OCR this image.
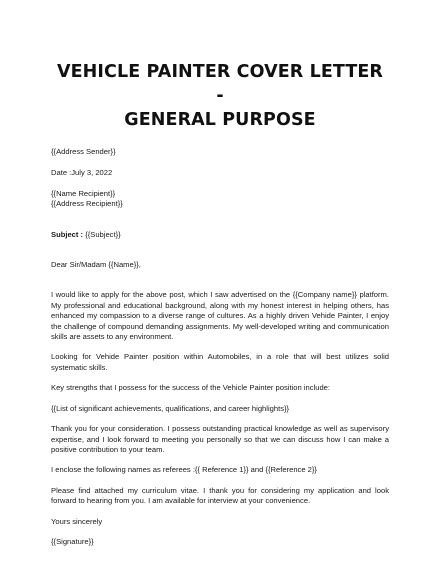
VEHICLE PAINTER COVER LETTER -
GENERAL PURPOSE

{{Address Sender}}

Date :July 3, 2022

{{Name Recipient}}

{{Address Recipient}}

Subject : {{Subject}}

Dear Sir/Madam {{Name}},

I would like to apply for the above post, which I saw advertised on the {{Company name}} platform. My professional and educational background, along with my honest interest in helping others, has enhanced my compassion to a diverse range of cultures. As a highly driven Vehide Painter, I enjoy the challenge of compound demanding assignments. My well-developed writing and communication skills are assets to any environment.

Looking for Vehide Painter position within Automobiles, in a role that will best utilizes solid systematic skills.

Key strengths that I possess for the success of the Vehicle Painter position include:

{{List of significant achievements, qualifications, and career highlights}}

Thank you for your consideration. I possess outstanding practical knowledge as well as supervisory expertise, and I look forward to meeting you personally so that we can discuss how I can make a positive contribution to your team.

I enclose the following names as referees :{{ Reference 1}} and {{Reference 2}}

Please find attached my curriculum vitae. I thank you for considering my application and look forward to hearing from you. I am available for interview at your convenience.

Yours sincerely

{{Signature}}
